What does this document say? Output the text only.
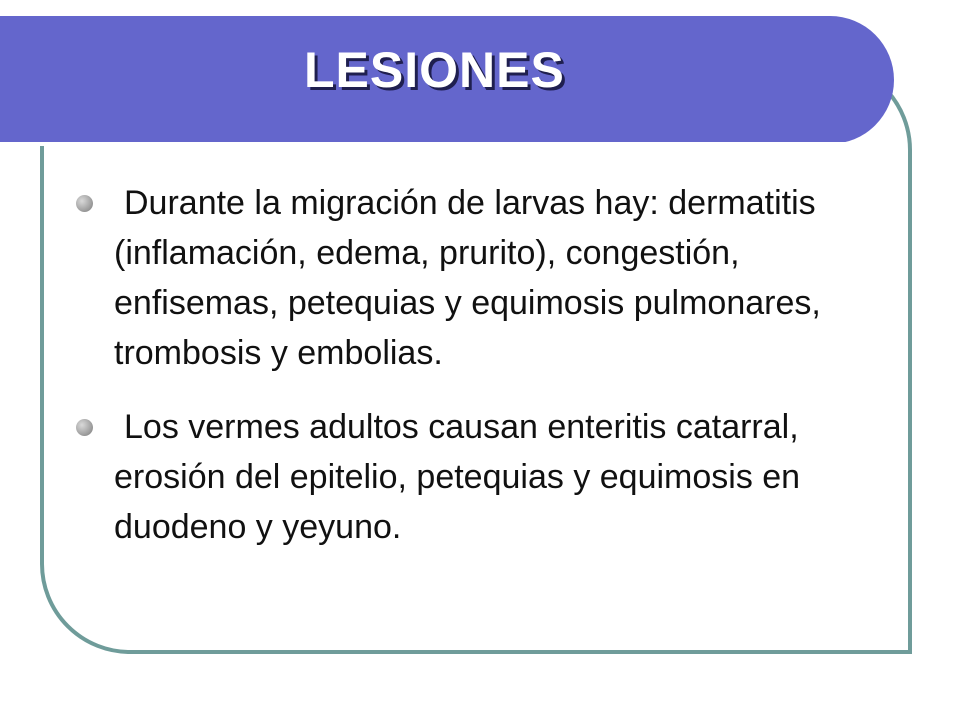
LESIONES
Durante la migración de larvas hay: dermatitis (inflamación, edema, prurito), congestión, enfisemas, petequias y equimosis pulmonares, trombosis y embolias.
Los vermes adultos causan enteritis catarral, erosión del epitelio, petequias y equimosis en duodeno y yeyuno.
